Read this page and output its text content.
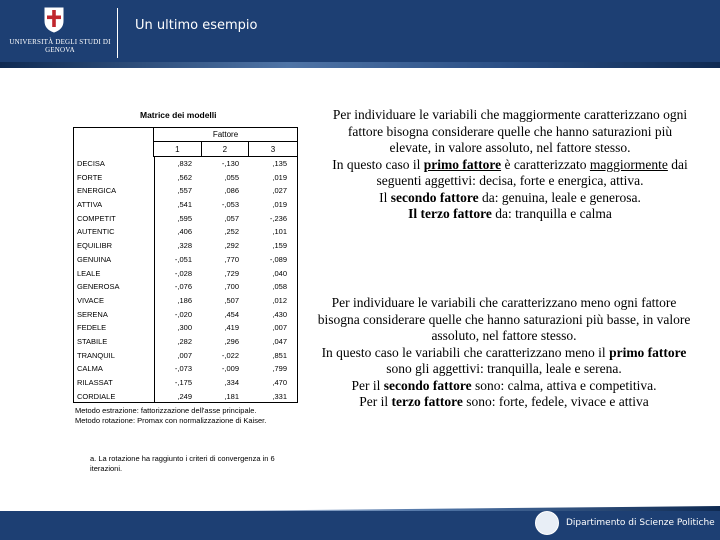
UNIVERSITÀ DEGLI STUDI DI GENOVA
Un ultimo esempio
Matrice dei modelli
Fattore
1	2	3
DECISA	,832	-,130	,135
FORTE	,562	,055	,019
ENERGICA	,557	,086	,027
ATTIVA	,541	-,053	,019
COMPETIT	,595	,057	-,236
AUTENTIC	,406	,252	,101
EQUILIBR	,328	,292	,159
GENUINA	-,051	,770	-,089
LEALE	-,028	,729	,040
GENEROSA	-,076	,700	,058
VIVACE	,186	,507	,012
SERENA	-,020	,454	,430
FEDELE	,300	,419	,007
STABILE	,282	,296	,047
TRANQUIL	,007	-,022	,851
CALMA	-,073	-,009	,799
RILASSAT	-,175	,334	,470
CORDIALE	,249	,181	,331
Metodo estrazione: fattorizzazione dell'asse principale.
Metodo rotazione: Promax con normalizzazione di Kaiser.
a. La rotazione ha raggiunto i criteri di convergenza in 6 iterazioni.

Per individuare le variabili che maggiormente caratterizzano ogni fattore bisogna considerare quelle che hanno saturazioni più elevate, in valore assoluto, nel fattore stesso.

In questo caso il primo fattore è caratterizzato maggiormente dai seguenti aggettivi: decisa, forte e energica, attiva.

Il secondo fattore da: genuina, leale e generosa.

Il terzo fattore da: tranquilla e calma

Per individuare le variabili che caratterizzano meno ogni fattore bisogna considerare quelle che hanno saturazioni più basse, in valore assoluto, nel fattore stesso.

In questo caso le variabili che caratterizzano meno il primo fattore sono gli aggettivi: tranquilla, leale e serena.

Per il secondo fattore sono: calma, attiva e competitiva.

Per il terzo fattore sono: forte, fedele, vivace e attiva

Dipartimento di Scienze Politiche
